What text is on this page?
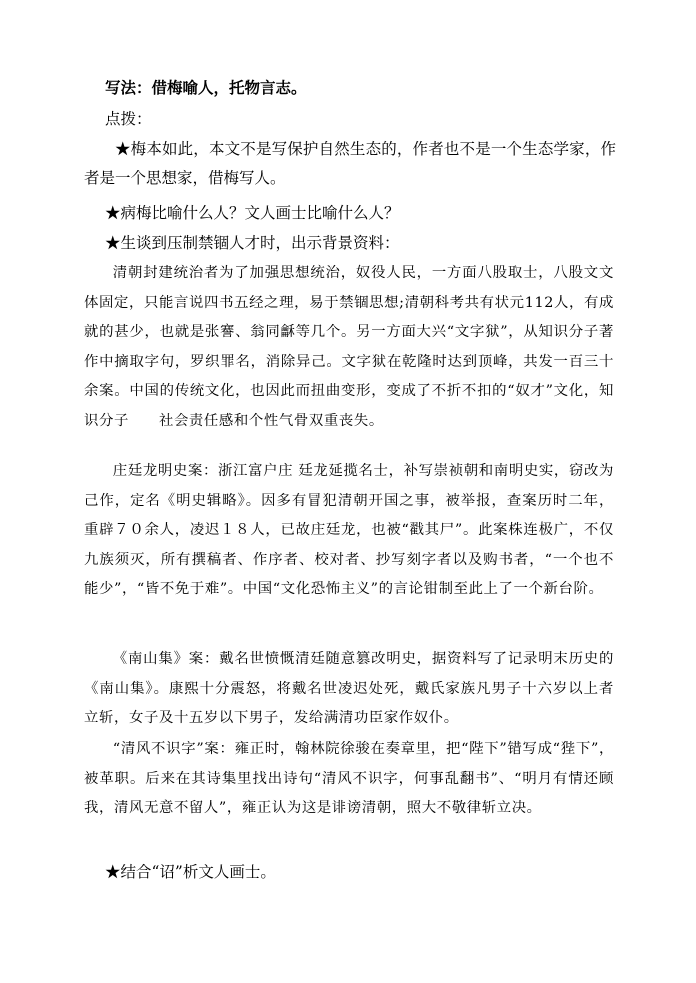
写法：借梅喻人，托物言志。
点拨：
★梅本如此，本文不是写保护自然生态的，作者也不是一个生态学家，作者是一个思想家，借梅写人。
★病梅比喻什么人？文人画士比喻什么人？
★生谈到压制禁锢人才时，出示背景资料：
清朝封建统治者为了加强思想统治，奴役人民，一方面八股取士，八股文文体固定，只能言说四书五经之理，易于禁锢思想;清朝科考共有状元112人，有成就的甚少，也就是张謇、翁同龢等几个。另一方面大兴“文字狱”，从知识分子著作中摘取字句，罗织罪名，消除异己。文字狱在乾隆时达到顶峰，共发一百三十余案。中国的传统文化，也因此而扭曲变形，变成了不折不扣的“奴才”文化，知识分子　　社会责任感和个性气骨双重丧失。
庄廷龙明史案：浙江富户庄 廷龙延揽名士，补写崇祯朝和南明史实，窃改为己作，定名《明史辑略》。因多有冒犯清朝开国之事，被举报，查案历时二年，重辟７０余人，凌迟１８人，已故庄廷龙，也被“戳其尸”。此案株连极广，不仅九族须灭，所有撰稿者、作序者、校对者、抄写刻字者以及购书者，“一个也不能少”，“皆不免于难”。中国“文化恐怖主义”的言论钳制至此上了一个新台阶。
《南山集》案：戴名世愤慨清廷随意篡改明史，据资料写了记录明末历史的《南山集》。康熙十分震怒，将戴名世凌迟处死，戴氏家族凡男子十六岁以上者立斩，女子及十五岁以下男子，发给满清功臣家作奴仆。
“清风不识字”案：雍正时，翰林院徐骏在奏章里，把“陛下”错写成“狴下”，被革职。后来在其诗集里找出诗句“清风不识字，何事乱翻书”、“明月有情还顾我，清风无意不留人”，雍正认为这是诽谤清朝，照大不敬律斩立决。
★结合“诏”析文人画士。
